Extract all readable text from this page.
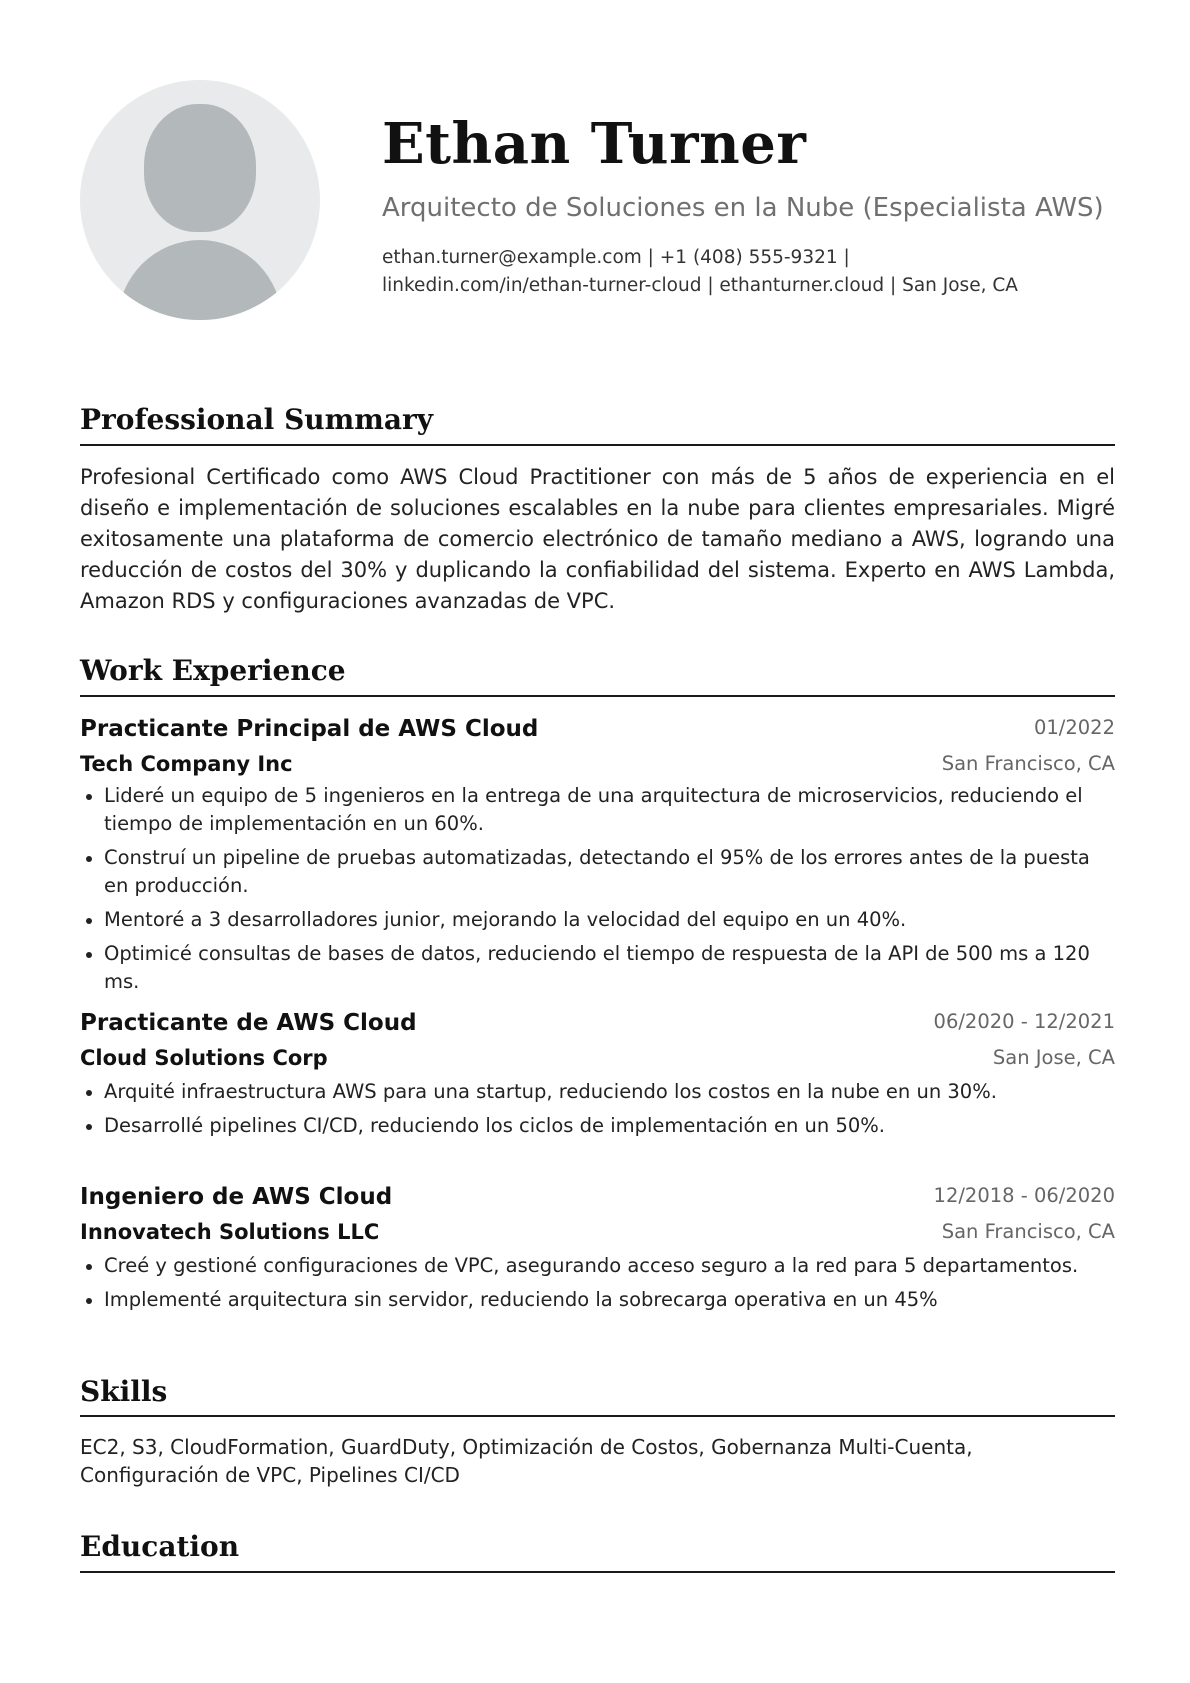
Ethan Turner
Arquitecto de Soluciones en la Nube (Especialista AWS)
ethan.turner@example.com | +1 (408) 555-9321 |
linkedin.com/in/ethan-turner-cloud | ethanturner.cloud | San Jose, CA
Professional Summary

Profesional Certificado como AWS Cloud Practitioner con más de 5 años de experiencia en el diseño e implementación de soluciones escalables en la nube para clientes empresariales. Migré exitosamente una plataforma de comercio electrónico de tamaño mediano a AWS, logrando una reducción de costos del 30% y duplicando la confiabilidad del sistema. Experto en AWS Lambda, Amazon RDS y configuraciones avanzadas de VPC.

Work Experience
Practicante Principal de AWS Cloud	01/2022
Tech Company Inc	San Francisco, CA
Lideré un equipo de 5 ingenieros en la entrega de una arquitectura de microservicios, reduciendo el tiempo de implementación en un 60%.
Construí un pipeline de pruebas automatizadas, detectando el 95% de los errores antes de la puesta en producción.
Mentoré a 3 desarrolladores junior, mejorando la velocidad del equipo en un 40%.
Optimicé consultas de bases de datos, reduciendo el tiempo de respuesta de la API de 500 ms a 120 ms.
Practicante de AWS Cloud	06/2020 - 12/2021
Cloud Solutions Corp	San Jose, CA
Arquité infraestructura AWS para una startup, reduciendo los costos en la nube en un 30%.
Desarrollé pipelines CI/CD, reduciendo los ciclos de implementación en un 50%.
Ingeniero de AWS Cloud	12/2018 - 06/2020
Innovatech Solutions LLC	San Francisco, CA
Creé y gestioné configuraciones de VPC, asegurando acceso seguro a la red para 5 departamentos.
Implementé arquitectura sin servidor, reduciendo la sobrecarga operativa en un 45%
Skills

EC2, S3, CloudFormation, GuardDuty, Optimización de Costos, Gobernanza Multi-Cuenta, Configuración de VPC, Pipelines CI/CD

Education
